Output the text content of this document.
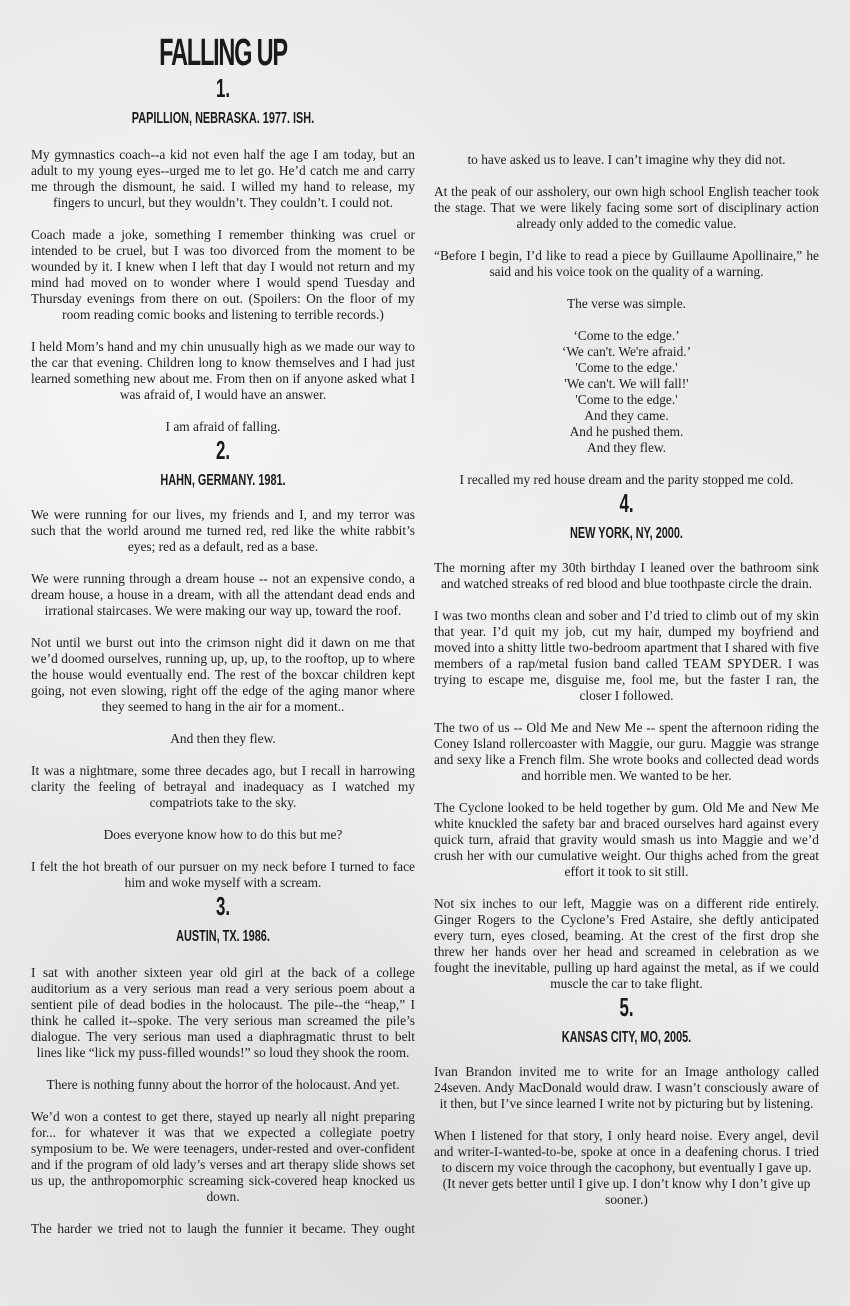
FALLING UP
1.
PAPILLION, NEBRASKA. 1977. ISH.

My gymnastics coach--a kid not even half the age I am today, but an adult to my young eyes--urged me to let go. He’d catch me and carry me through the dismount, he said. I willed my hand to release, my fingers to uncurl, but they wouldn’t. They couldn’t. I could not.

Coach made a joke, something I remember thinking was cruel or intended to be cruel, but I was too divorced from the moment to be wounded by it. I knew when I left that day I would not return and my mind had moved on to wonder where I would spend Tuesday and Thursday evenings from there on out. (Spoilers: On the floor of my room reading comic books and listening to terrible records.)

I held Mom’s hand and my chin unusually high as we made our way to the car that evening. Children long to know themselves and I had just learned something new about me. From then on if anyone asked what I was afraid of, I would have an answer.

I am afraid of falling.

2.
HAHN, GERMANY. 1981.

We were running for our lives, my friends and I, and my terror was such that the world around me turned red, red like the white rabbit’s eyes; red as a default, red as a base.

We were running through a dream house -- not an expensive condo, a dream house, a house in a dream, with all the attendant dead ends and irrational staircases. We were making our way up, toward the roof.

Not until we burst out into the crimson night did it dawn on me that we’d doomed ourselves, running up, up, up, to the rooftop, up to where the house would eventually end. The rest of the boxcar children kept going, not even slowing, right off the edge of the aging manor where they seemed to hang in the air for a moment..

And then they flew.

It was a nightmare, some three decades ago, but I recall in harrowing clarity the feeling of betrayal and inadequacy as I watched my compatriots take to the sky.

Does everyone know how to do this but me?

I felt the hot breath of our pursuer on my neck before I turned to face him and woke myself with a scream.

3.
AUSTIN, TX. 1986.

I sat with another sixteen year old girl at the back of a college auditorium as a very serious man read a very serious poem about a sentient pile of dead bodies in the holocaust. The pile--the “heap,” I think he called it--spoke. The very serious man screamed the pile’s dialogue. The very serious man used a diaphragmatic thrust to belt lines like “lick my puss-filled wounds!” so loud they shook the room.

There is nothing funny about the horror of the holocaust. And yet.

We’d won a contest to get there, stayed up nearly all night preparing for... for whatever it was that we expected a collegiate poetry symposium to be. We were teenagers, under-rested and over-confident and if the program of old lady’s verses and art therapy slide shows set us up, the anthropomorphic screaming sick-covered heap knocked us down.

The harder we tried not to laugh the funnier it became. They ought

to have asked us to leave. I can’t imagine why they did not.

At the peak of our assholery, our own high school English teacher took the stage. That we were likely facing some sort of disciplinary action already only added to the comedic value.

“Before I begin, I’d like to read a piece by Guillaume Apollinaire,” he said and his voice took on the quality of a warning.

The verse was simple.

‘Come to the edge.’
‘We can't. We're afraid.’
'Come to the edge.'
'We can't. We will fall!'
'Come to the edge.'
And they came.
And he pushed them.
And they flew.

I recalled my red house dream and the parity stopped me cold.

4.
NEW YORK, NY, 2000.

The morning after my 30th birthday I leaned over the bathroom sink and watched streaks of red blood and blue toothpaste circle the drain.

I was two months clean and sober and I’d tried to climb out of my skin that year. I’d quit my job, cut my hair, dumped my boyfriend and moved into a shitty little two-bedroom apartment that I shared with five members of a rap/metal fusion band called TEAM SPYDER. I was trying to escape me, disguise me, fool me, but the faster I ran, the closer I followed.

The two of us -- Old Me and New Me -- spent the afternoon riding the Coney Island rollercoaster with Maggie, our guru. Maggie was strange and sexy like a French film. She wrote books and collected dead words and horrible men. We wanted to be her.

The Cyclone looked to be held together by gum. Old Me and New Me white knuckled the safety bar and braced ourselves hard against every quick turn, afraid that gravity would smash us into Maggie and we’d crush her with our cumulative weight. Our thighs ached from the great effort it took to sit still.

Not six inches to our left, Maggie was on a different ride entirely. Ginger Rogers to the Cyclone’s Fred Astaire, she deftly anticipated every turn, eyes closed, beaming. At the crest of the first drop she threw her hands over her head and screamed in celebration as we fought the inevitable, pulling up hard against the metal, as if we could muscle the car to take flight.

5.
KANSAS CITY, MO, 2005.

Ivan Brandon invited me to write for an Image anthology called 24seven. Andy MacDonald would draw. I wasn’t consciously aware of it then, but I’ve since learned I write not by picturing but by listening.

When I listened for that story, I only heard noise. Every angel, devil and writer-I-wanted-to-be, spoke at once in a deafening chorus. I tried to discern my voice through the cacophony, but eventually I gave up.

(It never gets better until I give up. I don’t know why I don’t give up sooner.)
